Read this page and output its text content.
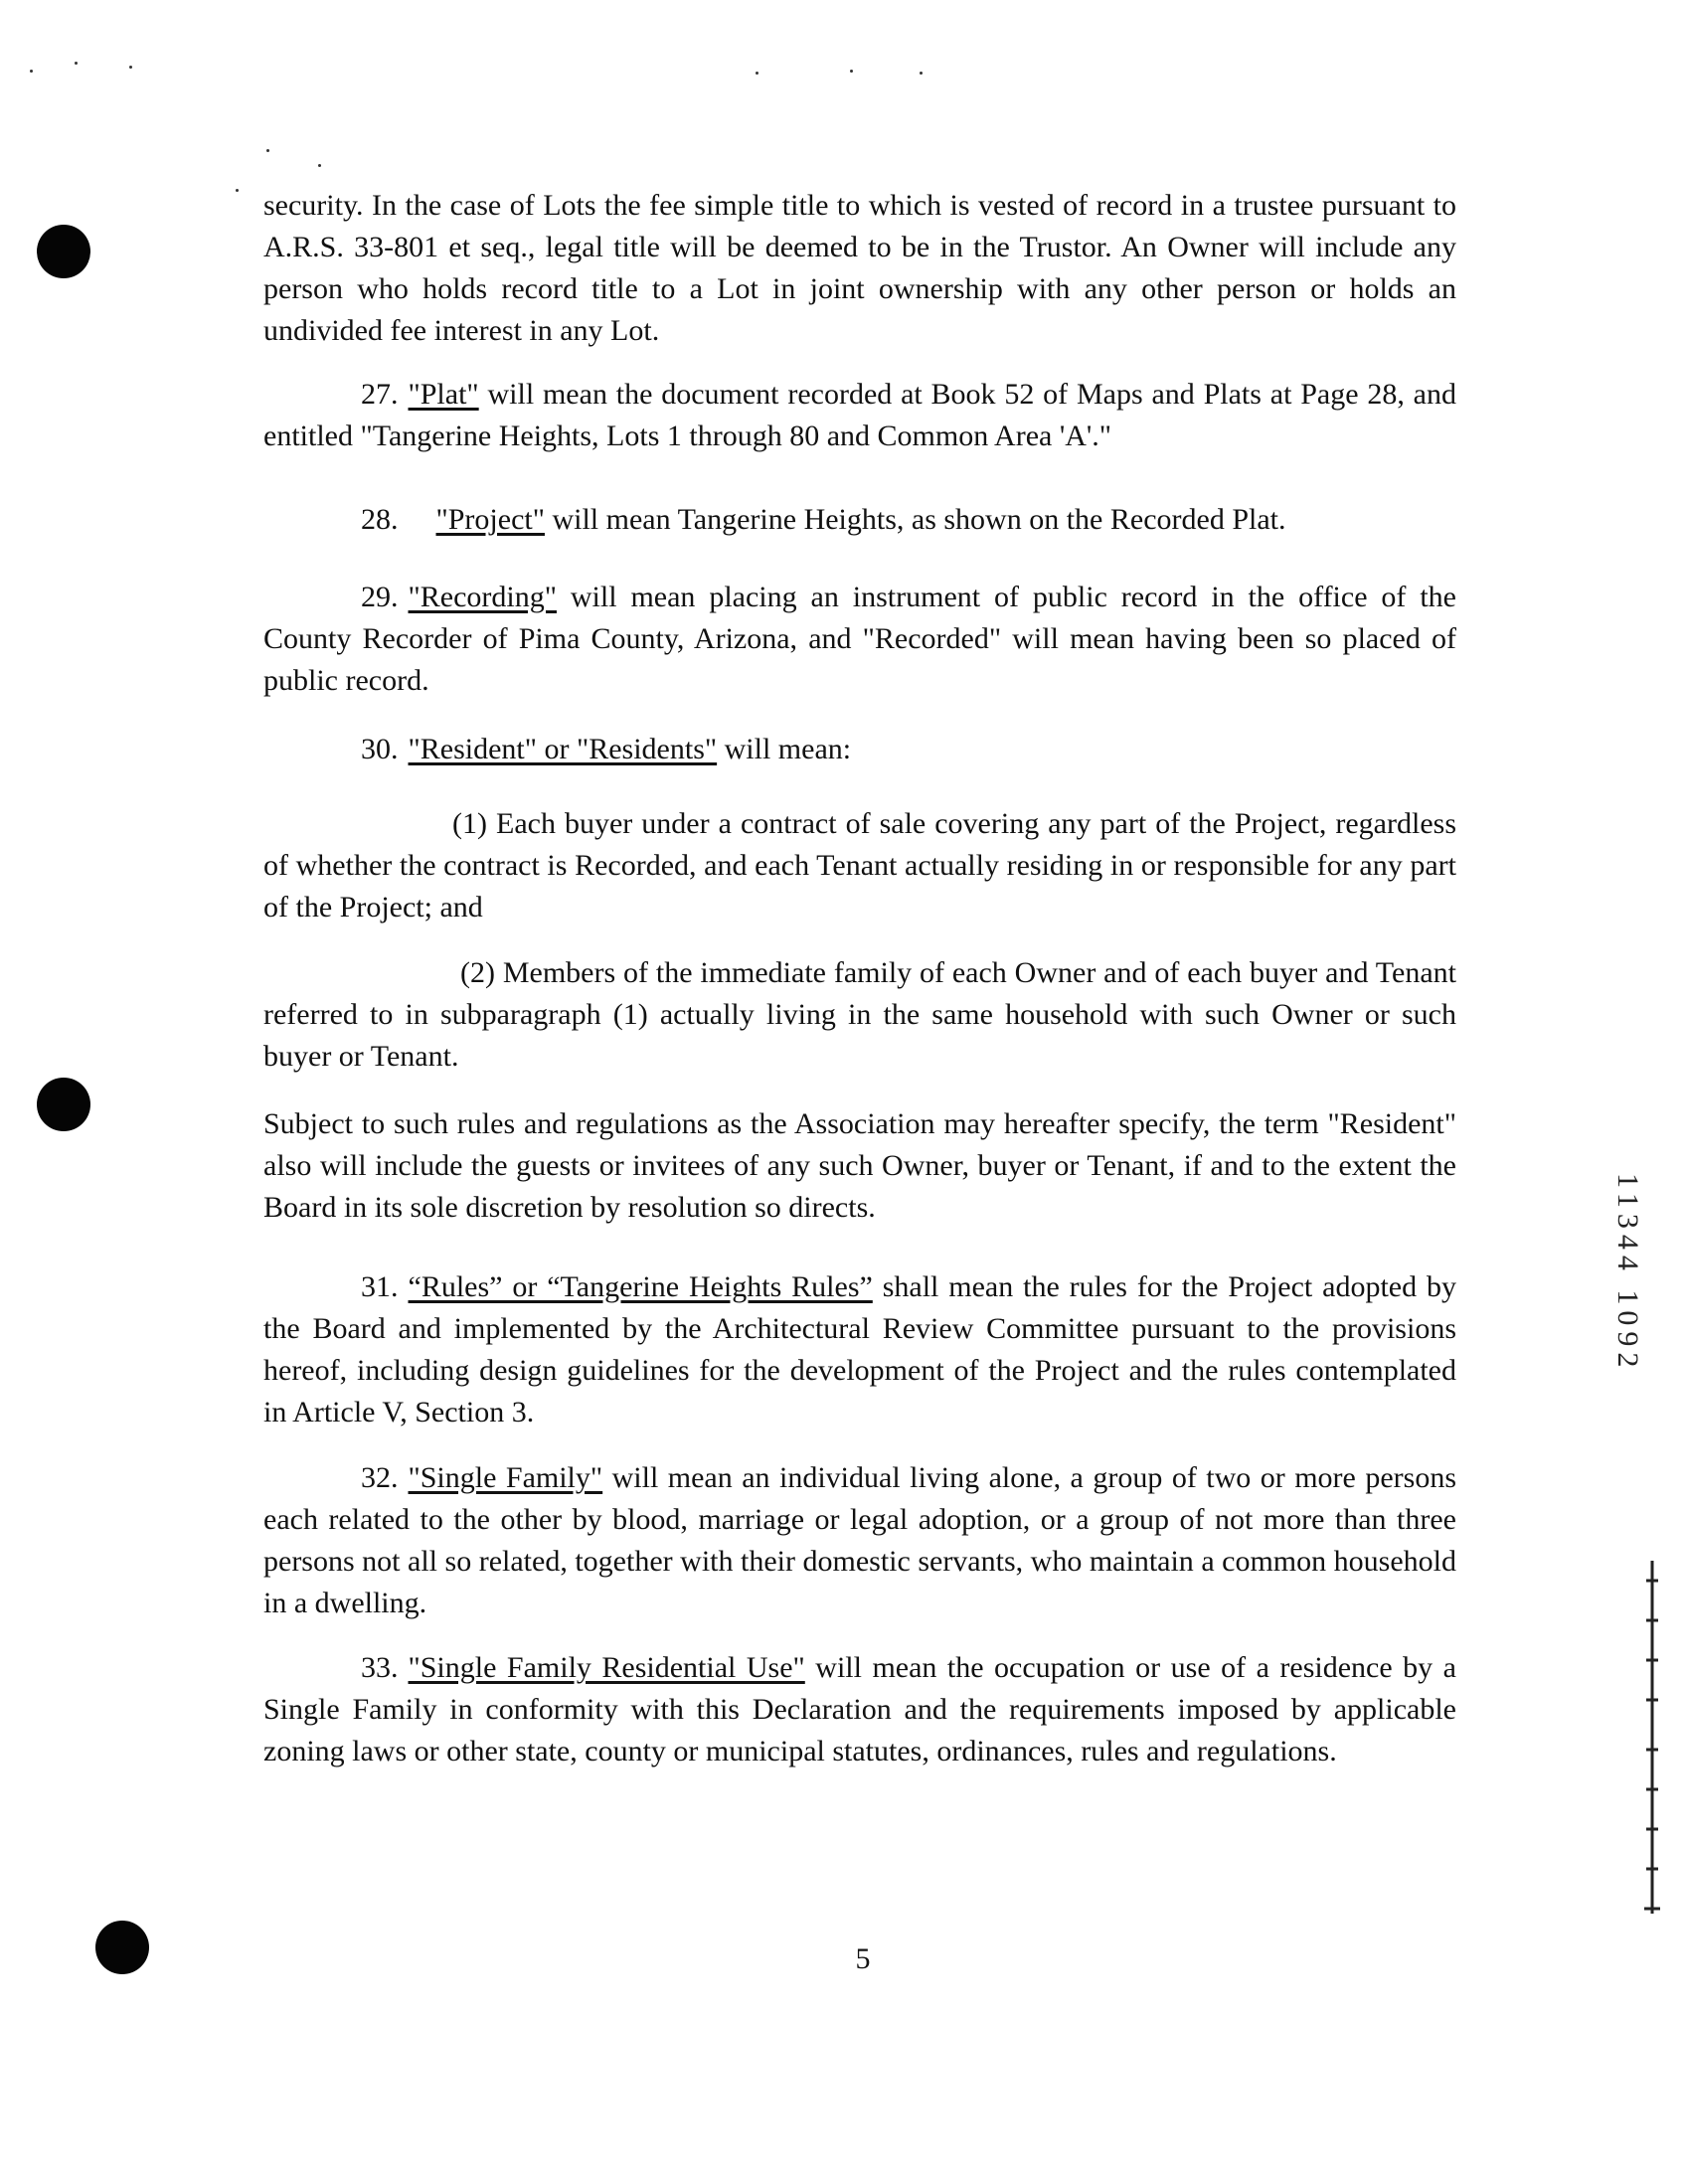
security. In the case of Lots the fee simple title to which is vested of record in a trustee pursuant to A.R.S. 33-801 et seq., legal title will be deemed to be in the Trustor. An Owner will include any person who holds record title to a Lot in joint ownership with any other person or holds an undivided fee interest in any Lot.

27. "Plat" will mean the document recorded at Book 52 of Maps and Plats at Page 28, and entitled "Tangerine Heights, Lots 1 through 80 and Common Area 'A'."

28. "Project" will mean Tangerine Heights, as shown on the Recorded Plat.

29. "Recording" will mean placing an instrument of public record in the office of the County Recorder of Pima County, Arizona, and "Recorded" will mean having been so placed of public record.

30. "Resident" or "Residents" will mean:

(1) Each buyer under a contract of sale covering any part of the Project, regardless of whether the contract is Recorded, and each Tenant actually residing in or responsible for any part of the Project; and

(2) Members of the immediate family of each Owner and of each buyer and Tenant referred to in subparagraph (1) actually living in the same household with such Owner or such buyer or Tenant.

Subject to such rules and regulations as the Association may hereafter specify, the term "Resident" also will include the guests or invitees of any such Owner, buyer or Tenant, if and to the extent the Board in its sole discretion by resolution so directs.

31. “Rules” or “Tangerine Heights Rules” shall mean the rules for the Project adopted by the Board and implemented by the Architectural Review Committee pursuant to the provisions hereof, including design guidelines for the development of the Project and the rules contemplated in Article V, Section 3.

32. "Single Family" will mean an individual living alone, a group of two or more persons each related to the other by blood, marriage or legal adoption, or a group of not more than three persons not all so related, together with their domestic servants, who maintain a common household in a dwelling.

33. "Single Family Residential Use" will mean the occupation or use of a residence by a Single Family in conformity with this Declaration and the requirements imposed by applicable zoning laws or other state, county or municipal statutes, ordinances, rules and regulations.

5
11344 1092
